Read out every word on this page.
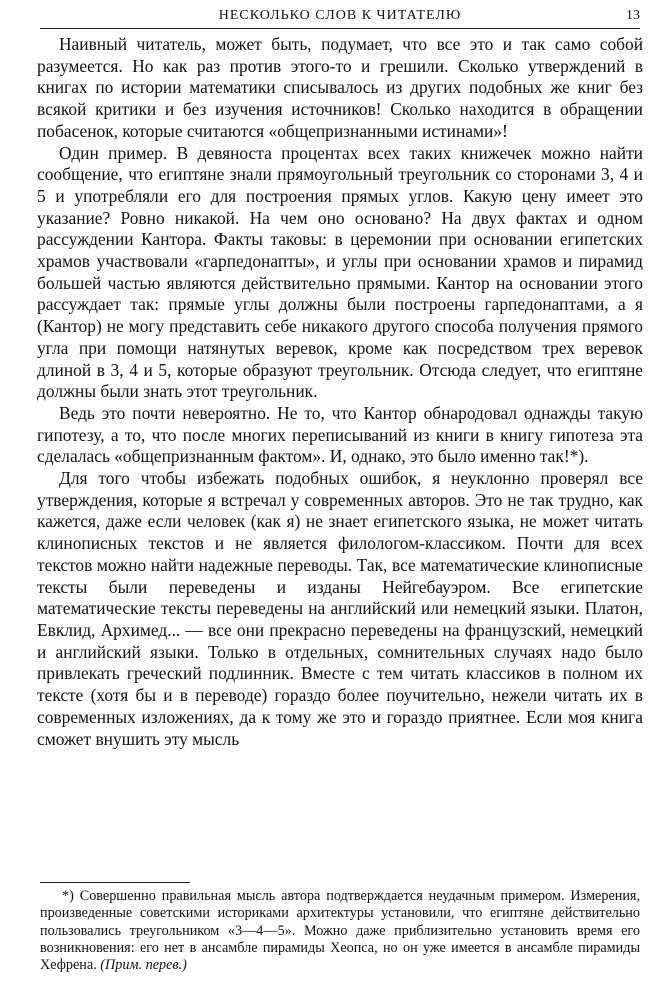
НЕСКОЛЬКО СЛОВ К ЧИТАТЕЛЮ	13

Наивный читатель, может быть, подумает, что все это и так само собой разумеется. Но как раз против этого-то и грешили. Сколько утверждений в книгах по истории математики списывалось из других подобных же книг без всякой критики и без изучения источников! Сколько находится в обращении побасенок, которые считаются «общепризнанными истинами»!

Один пример. В девяноста процентах всех таких книжечек можно найти сообщение, что египтяне знали прямоугольный треугольник со сторонами 3, 4 и 5 и употребляли его для построения прямых углов. Какую цену имеет это указание? Ровно никакой. На чем оно основано? На двух фактах и одном рассуждении Кантора. Факты таковы: в церемонии при основании египетских храмов участвовали «гарпедонапты», и углы при основании храмов и пирамид большей частью являются действительно прямыми. Кантор на основании этого рассуждает так: прямые углы должны были построены гарпедонаптами, а я (Кантор) не могу представить себе никакого другого способа получения прямого угла при помощи натянутых веревок, кроме как посредством трех веревок длиной в 3, 4 и 5, которые образуют треугольник. Отсюда следует, что египтяне должны были знать этот треугольник.

Ведь это почти невероятно. Не то, что Кантор обнародовал однажды такую гипотезу, а то, что после многих переписываний из книги в книгу гипотеза эта сделалась «общепризнанным фактом». И, однако, это было именно так!*).

Для того чтобы избежать подобных ошибок, я неуклонно проверял все утверждения, которые я встречал у современных авторов. Это не так трудно, как кажется, даже если человек (как я) не знает египетского языка, не может читать клинописных текстов и не является филологом-классиком. Почти для всех текстов можно найти надежные переводы. Так, все математические клинописные тексты были переведены и изданы Нейгебауэром. Все египетские математические тексты переведены на английский или немецкий языки. Платон, Евклид, Архимед... — все они прекрасно переведены на французский, немецкий и английский языки. Только в отдельных, сомнительных случаях надо было привлекать греческий подлинник. Вместе с тем читать классиков в полном их тексте (хотя бы и в переводе) гораздо более поучительно, нежели читать их в современных изложениях, да к тому же это и гораздо приятнее. Если моя книга сможет внушить эту мысль

*) Совершенно правильная мысль автора подтверждается неудачным примером. Измерения, произведенные советскими историками архитектуры установили, что египтяне действительно пользовались треугольником «3—4—5». Можно даже приблизительно установить время его возникновения: его нет в ансамбле пирамиды Хеопса, но он уже имеется в ансамбле пирамиды Хефрена. (Прим. перев.)
